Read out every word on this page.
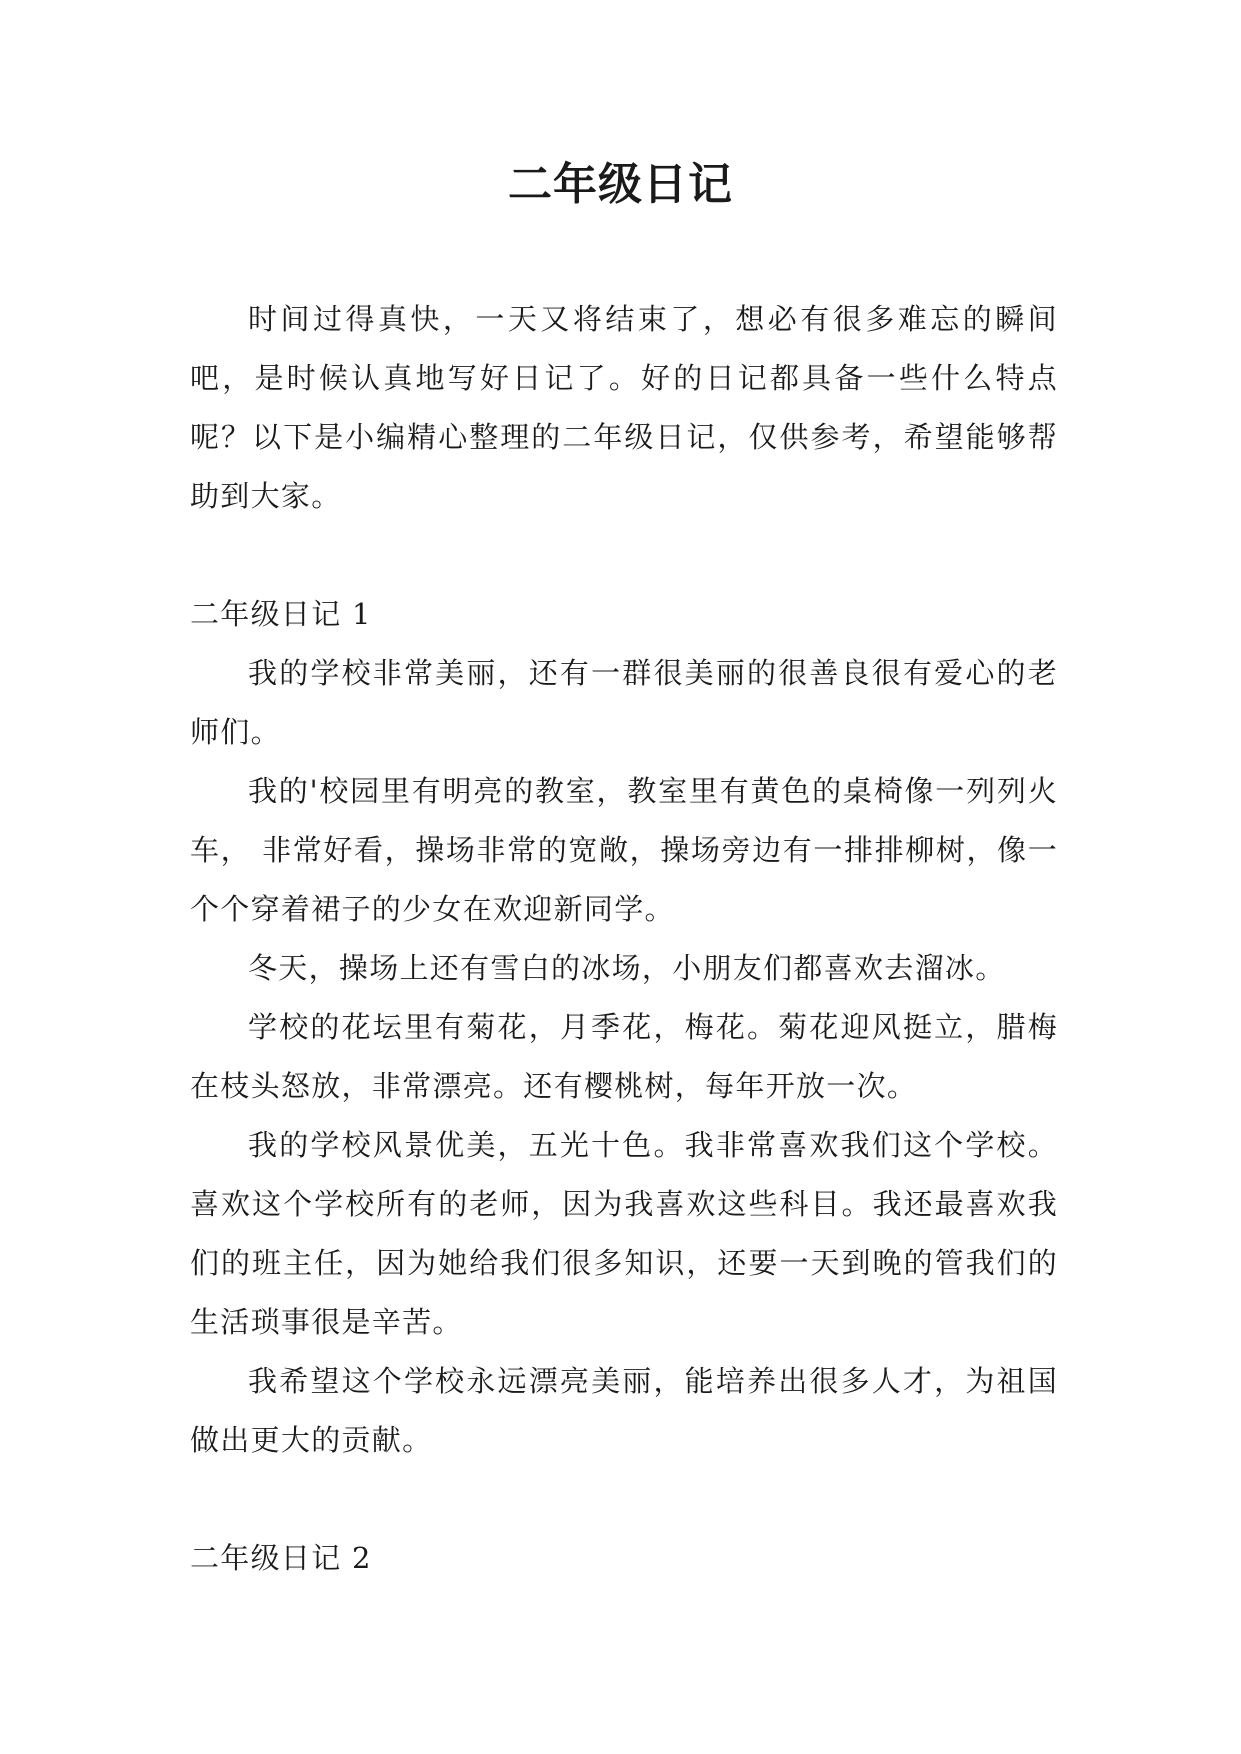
二年级日记

时间过得真快，一天又将结束了，想必有很多难忘的瞬间吧，是时候认真地写好日记了。好的日记都具备一些什么特点呢？以下是小编精心整理的二年级日记，仅供参考，希望能够帮助到大家。

二年级日记 1

我的学校非常美丽，还有一群很美丽的很善良很有爱心的老师们。

我的'校园里有明亮的教室，教室里有黄色的桌椅像一列列火车， 非常好看，操场非常的宽敞，操场旁边有一排排柳树，像一个个穿着裙子的少女在欢迎新同学。

冬天，操场上还有雪白的冰场，小朋友们都喜欢去溜冰。

学校的花坛里有菊花，月季花，梅花。菊花迎风挺立，腊梅在枝头怒放，非常漂亮。还有樱桃树，每年开放一次。

我的学校风景优美，五光十色。我非常喜欢我们这个学校。喜欢这个学校所有的老师，因为我喜欢这些科目。我还最喜欢我们的班主任，因为她给我们很多知识，还要一天到晚的管我们的生活琐事很是辛苦。

我希望这个学校永远漂亮美丽，能培养出很多人才，为祖国做出更大的贡献。

二年级日记 2
